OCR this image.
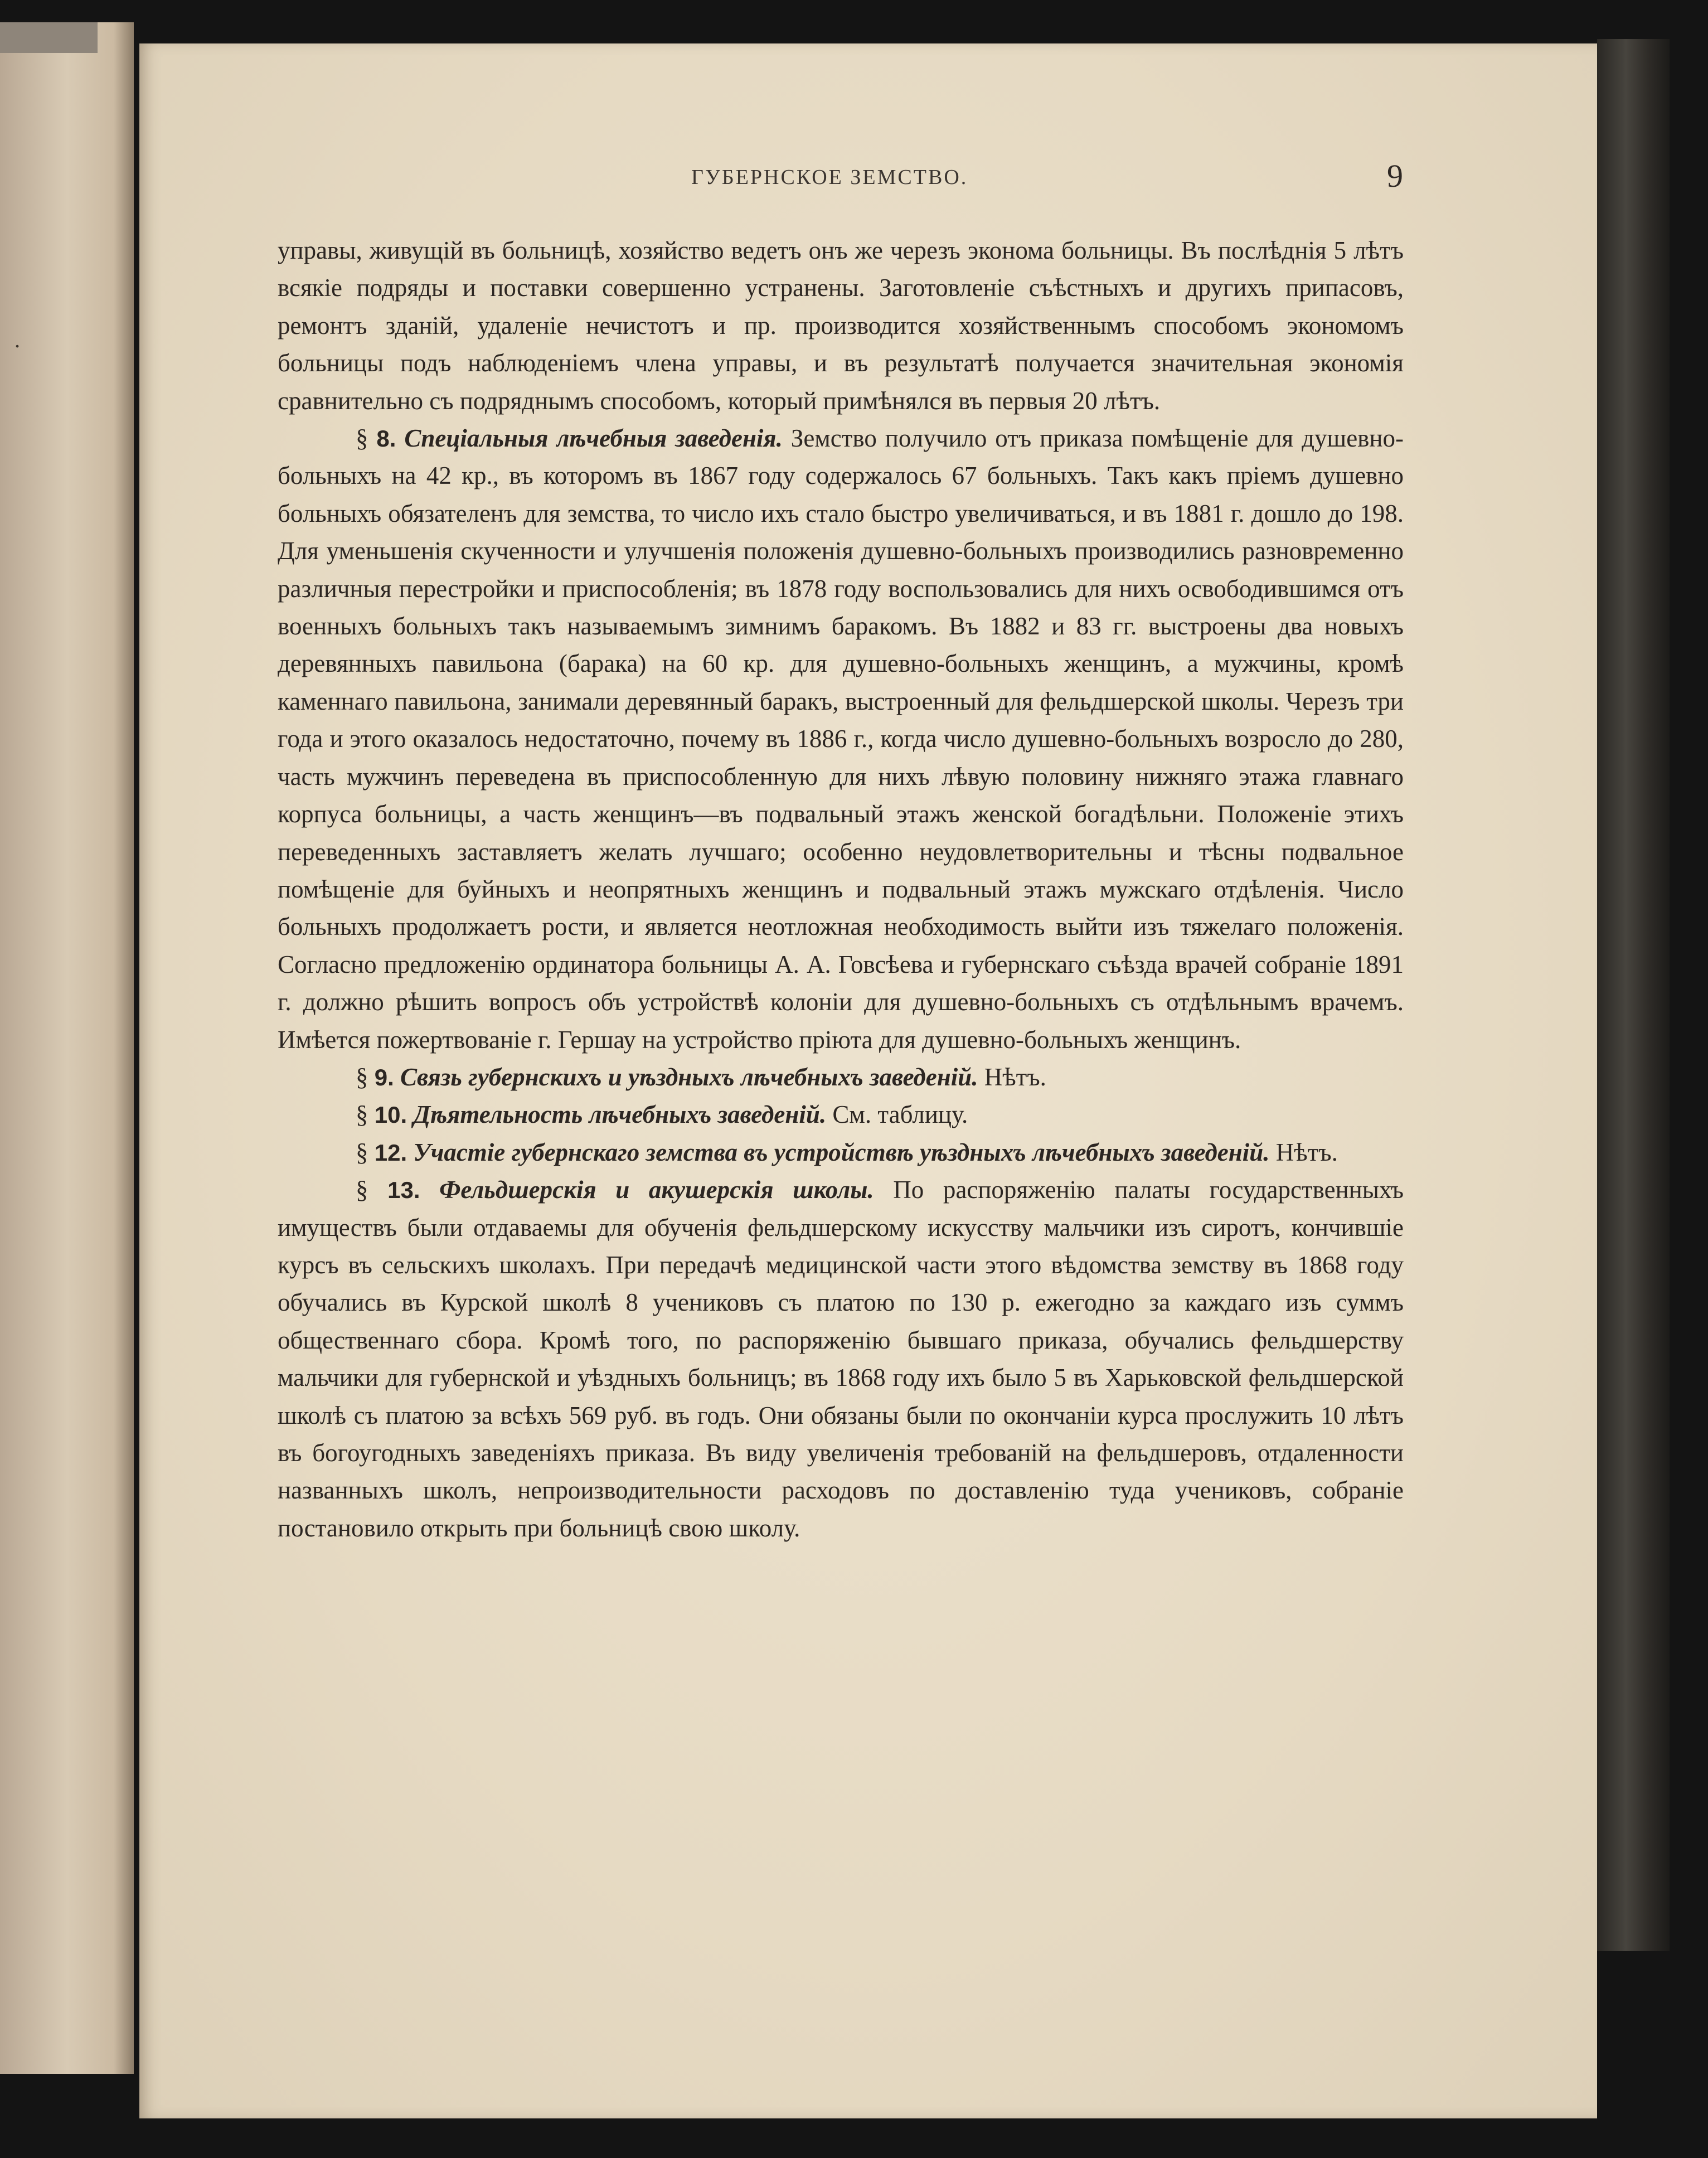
.
ГУБЕРНСКОЕ ЗЕМСТВО.	9

управы, живущій въ больницѣ, хозяйство ведетъ онъ же черезъ эконома больницы. Въ послѣднія 5 лѣтъ всякіе подряды и поставки совершенно устранены. Заготовленіе съѣстныхъ и другихъ припасовъ, ремонтъ зданій, удаленіе нечистотъ и пр. производится хозяйственнымъ способомъ экономомъ больницы подъ наблюденіемъ члена управы, и въ результатѣ получается значительная экономія сравнительно съ подряднымъ способомъ, который примѣнялся въ первыя 20 лѣтъ.

§ 8. Спеціальныя лѣчебныя заведенія. Земство получило отъ приказа помѣщеніе для душевно-больныхъ на 42 кр., въ которомъ въ 1867 году содержалось 67 больныхъ. Такъ какъ пріемъ душевно больныхъ обязателенъ для земства, то число ихъ стало быстро увеличиваться, и въ 1881 г. дошло до 198. Для уменьшенія скученности и улучшенія положенія душевно-больныхъ производились разновременно различныя перестройки и приспособленія; въ 1878 году воспользовались для нихъ освободившимся отъ военныхъ больныхъ такъ называемымъ зимнимъ баракомъ. Въ 1882 и 83 гг. выстроены два новыхъ деревянныхъ павильона (барака) на 60 кр. для душевно-больныхъ женщинъ, а мужчины, кромѣ каменнаго павильона, занимали деревянный баракъ, выстроенный для фельдшерской школы. Черезъ три года и этого оказалось недостаточно, почему въ 1886 г., когда число душевно-больныхъ возросло до 280, часть мужчинъ переведена въ приспособленную для нихъ лѣвую половину нижняго этажа главнаго корпуса больницы, а часть женщинъ—въ подвальный этажъ женской богадѣльни. Положеніе этихъ переведенныхъ заставляетъ желать лучшаго; особенно неудовлетворительны и тѣсны подвальное помѣщеніе для буйныхъ и неопрятныхъ женщинъ и подвальный этажъ мужскаго отдѣленія. Число больныхъ продолжаетъ рости, и является неотложная необходимость выйти изъ тяжелаго положенія. Согласно предложенію ординатора больницы А. А. Говсѣева и губернскаго съѣзда врачей собраніе 1891 г. должно рѣшить вопросъ объ устройствѣ колоніи для душевно-больныхъ съ отдѣльнымъ врачемъ. Имѣется пожертвованіе г. Гершау на устройство пріюта для душевно-больныхъ женщинъ.

§ 9. Связь губернскихъ и уѣздныхъ лѣчебныхъ заведеній. Нѣтъ.

§ 10. Дѣятельность лѣчебныхъ заведеній. См. таблицу.

§ 12. Участіе губернскаго земства въ устройствѣ уѣздныхъ лѣчебныхъ заведеній. Нѣтъ.

§ 13. Фельдшерскія и акушерскія школы. По распоряженію палаты государственныхъ имуществъ были отдаваемы для обученія фельдшерскому искусству мальчики изъ сиротъ, кончившіе курсъ въ сельскихъ школахъ. При передачѣ медицинской части этого вѣдомства земству въ 1868 году обучались въ Курской школѣ 8 учениковъ съ платою по 130 р. ежегодно за каждаго изъ суммъ общественнаго сбора. Кромѣ того, по распоряженію бывшаго приказа, обучались фельдшерству мальчики для губернской и уѣздныхъ больницъ; въ 1868 году ихъ было 5 въ Харьковской фельдшерской школѣ съ платою за всѣхъ 569 руб. въ годъ. Они обязаны были по окончаніи курса прослужить 10 лѣтъ въ богоугодныхъ заведеніяхъ приказа. Въ виду увеличенія требованій на фельдшеровъ, отдаленности названныхъ школъ, непроизводительности расходовъ по доставленію туда учениковъ, собраніе постановило открыть при больницѣ свою школу.
